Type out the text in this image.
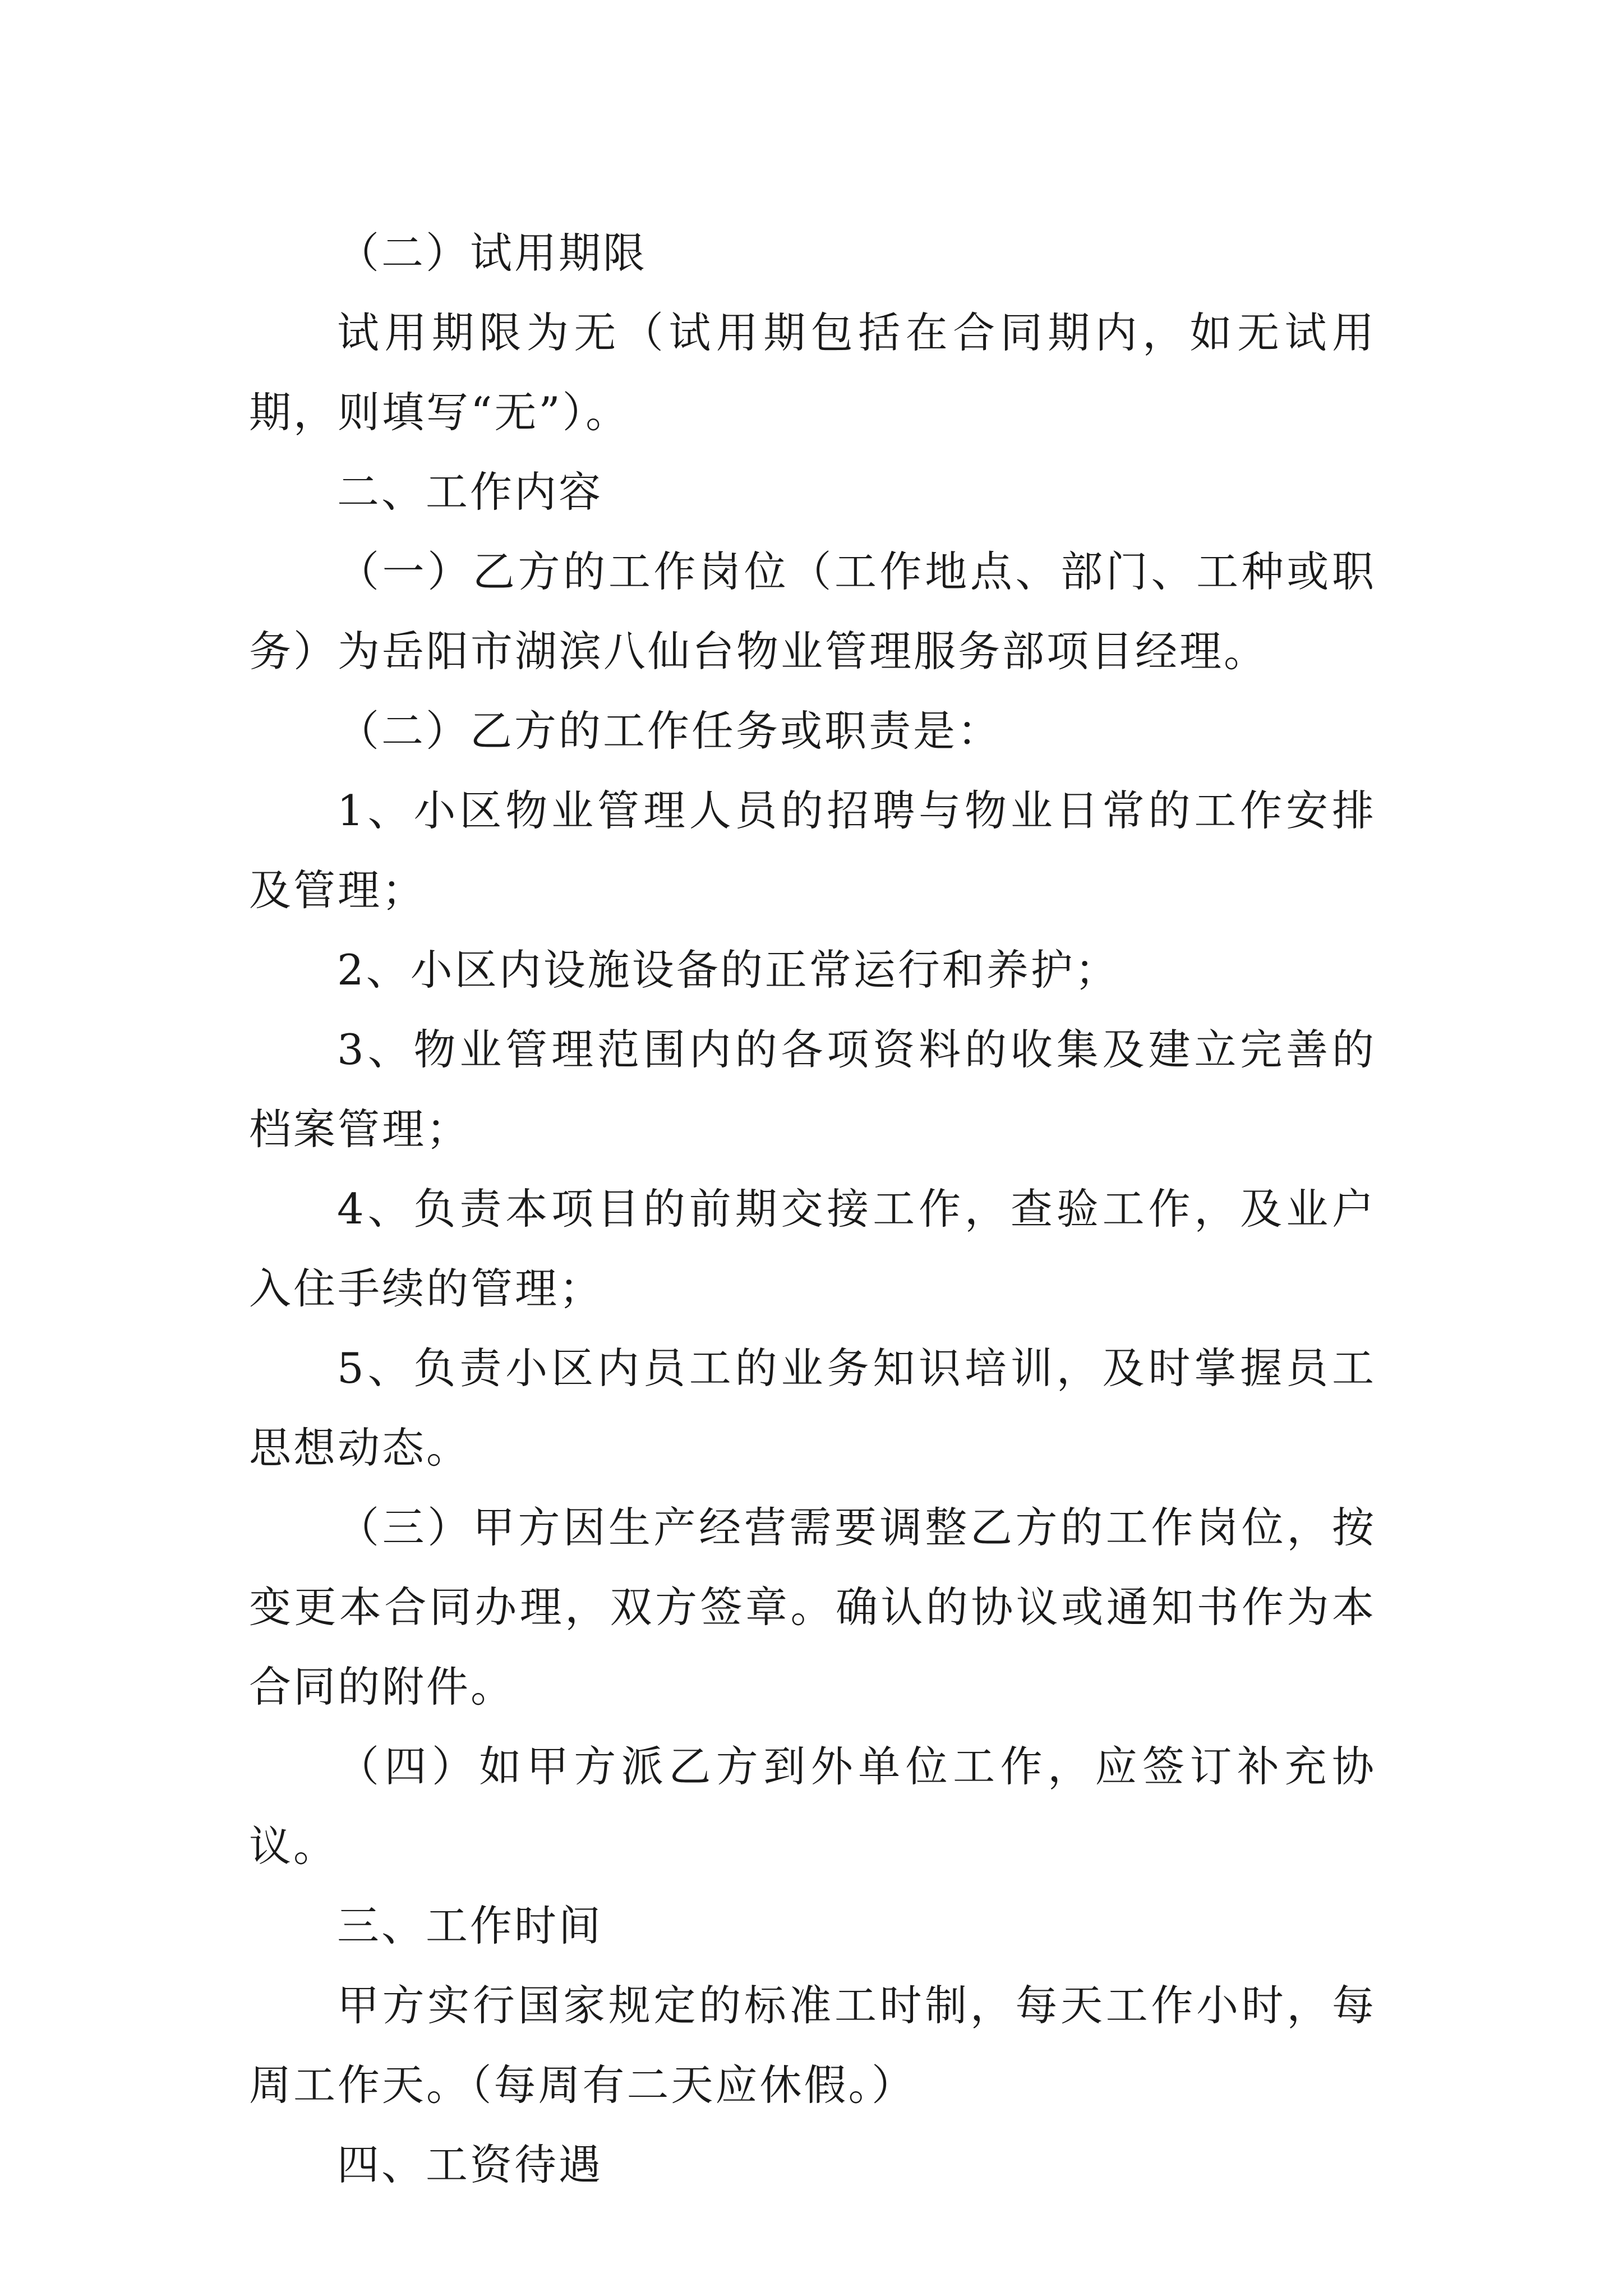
（二）试用期限

试用期限为无（试用期包括在合同期内，如无试用期，则填写“无”）。

二、工作内容

（一）乙方的工作岗位（工作地点、部门、工种或职务）为岳阳市湖滨八仙台物业管理服务部项目经理。

（二）乙方的工作任务或职责是：

1、小区物业管理人员的招聘与物业日常的工作安排及管理；

2、小区内设施设备的正常运行和养护；

3、物业管理范围内的各项资料的收集及建立完善的档案管理；

4、负责本项目的前期交接工作，查验工作，及业户入住手续的管理；

5、负责小区内员工的业务知识培训，及时掌握员工思想动态。

（三）甲方因生产经营需要调整乙方的工作岗位，按变更本合同办理，双方签章。确认的协议或通知书作为本合同的附件。

（四）如甲方派乙方到外单位工作，应签订补充协议。

三、工作时间

甲方实行国家规定的标准工时制，每天工作小时，每周工作天。（每周有二天应休假。）

四、工资待遇
